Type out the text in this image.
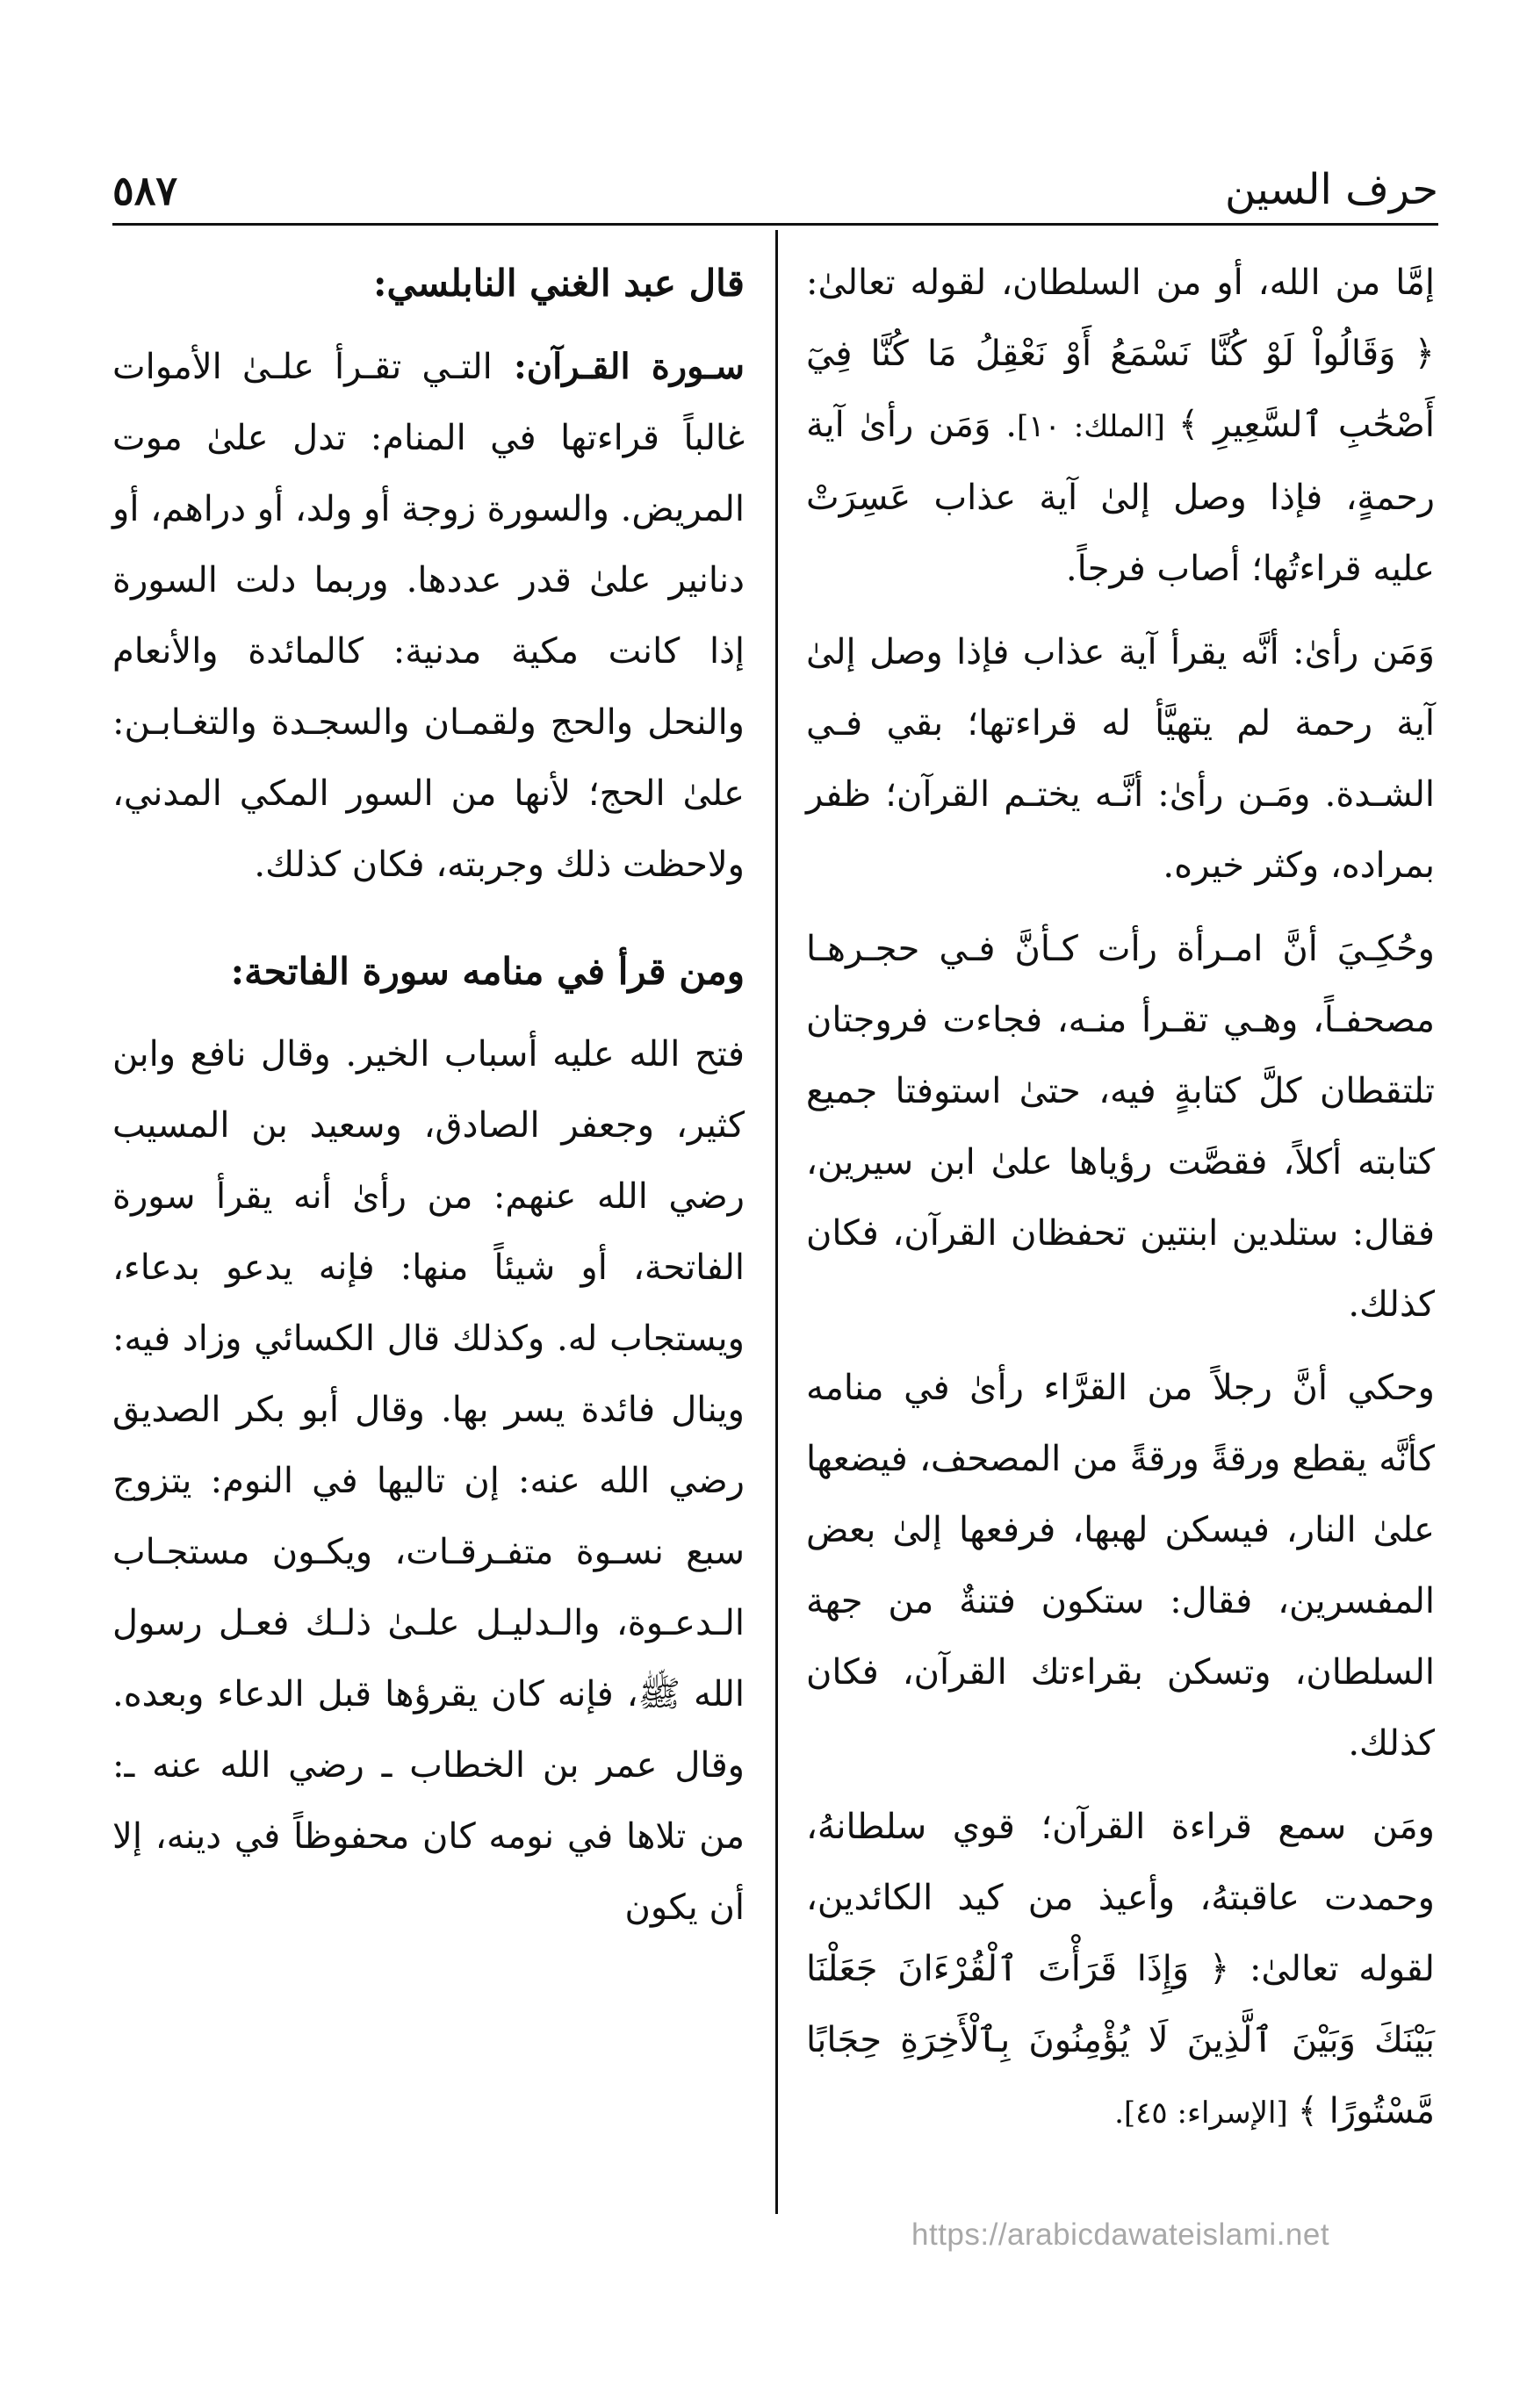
٥٨٧	حرف السين

إمَّا من الله، أو من السلطان، لقوله تعالىٰ: ﴿ وَقَالُواْ لَوْ كُنَّا نَسْمَعُ أَوْ نَعْقِلُ مَا كُنَّا فِيٓ أَصْحَٰبِ ٱلسَّعِيرِ ﴾ [الملك: ١٠]. وَمَن رأىٰ آية رحمةٍ، فإذا وصل إلىٰ آية عذاب عَسِرَتْ عليه قراءتُها؛ أصاب فرجاً.

وَمَن رأىٰ: أنَّه يقرأ آية عذاب فإذا وصل إلىٰ آية رحمة لم يتهيَّأ له قراءتها؛ بقي فـي الشـدة. ومَـن رأىٰ: أنَّـه يختـم القرآن؛ ظفر بمراده، وكثر خيره.

وحُكِـيَ أنَّ امـرأة رأت كـأنَّ فـي حجـرهـا مصحفـاً، وهـي تقـرأ منـه، فجاءت فروجتان تلتقطان كلَّ كتابةٍ فيه، حتىٰ استوفتا جميع كتابته أكلاً، فقصَّت رؤياها علىٰ ابن سيرين، فقال: ستلدين ابنتين تحفظان القرآن، فكان كذلك.

وحكي أنَّ رجلاً من القرَّاء رأىٰ في منامه كأنَّه يقطع ورقةً ورقةً من المصحف، فيضعها علىٰ النار، فيسكن لهبها، فرفعها إلىٰ بعض المفسرين، فقال: ستكون فتنةٌ من جهة السلطان، وتسكن بقراءتك القرآن، فكان كذلك.

ومَن سمع قراءة القرآن؛ قوي سلطانهُ، وحمدت عاقبتهُ، وأعيذ من كيد الكائدين، لقوله تعالىٰ: ﴿ وَإِذَا قَرَأْتَ ٱلْقُرْءَانَ جَعَلْنَا بَيْنَكَ وَبَيْنَ ٱلَّذِينَ لَا يُؤْمِنُونَ بِٱلْأَخِرَةِ حِجَابًا مَّسْتُورًا ﴾ [الإسراء: ٤٥].

قال عبد الغني النابلسي:

سـورة القـرآن: التـي تقـرأ علـىٰ الأموات غالباً قراءتها في المنام: تدل علىٰ موت المريض. والسورة زوجة أو ولد، أو دراهم، أو دنانير علىٰ قدر عددها. وربما دلت السورة إذا كانت مكية مدنية: كالمائدة والأنعام والنحل والحج ولقمـان والسجـدة والتغـابـن: علىٰ الحج؛ لأنها من السور المكي المدني، ولاحظت ذلك وجربته، فكان كذلك.

ومن قرأ في منامه سورة الفاتحة:

فتح الله عليه أسباب الخير. وقال نافع وابن كثير، وجعفر الصادق، وسعيد بن المسيب رضي الله عنهم: من رأىٰ أنه يقرأ سورة الفاتحة، أو شيئاً منها: فإنه يدعو بدعاء، ويستجاب له. وكذلك قال الكسائي وزاد فيه: وينال فائدة يسر بها. وقال أبو بكر الصديق رضي الله عنه: إن تاليها في النوم: يتزوج سبع نسـوة متفـرقـات، ويكـون مستجـاب الـدعـوة، والـدليـل علـىٰ ذلـك فعـل رسول الله ﷺ، فإنه كان يقرؤها قبل الدعاء وبعده. وقال عمر بن الخطاب ـ رضي الله عنه ـ: من تلاها في نومه كان محفوظاً في دينه، إلا أن يكون

https://arabicdawateislami.net
